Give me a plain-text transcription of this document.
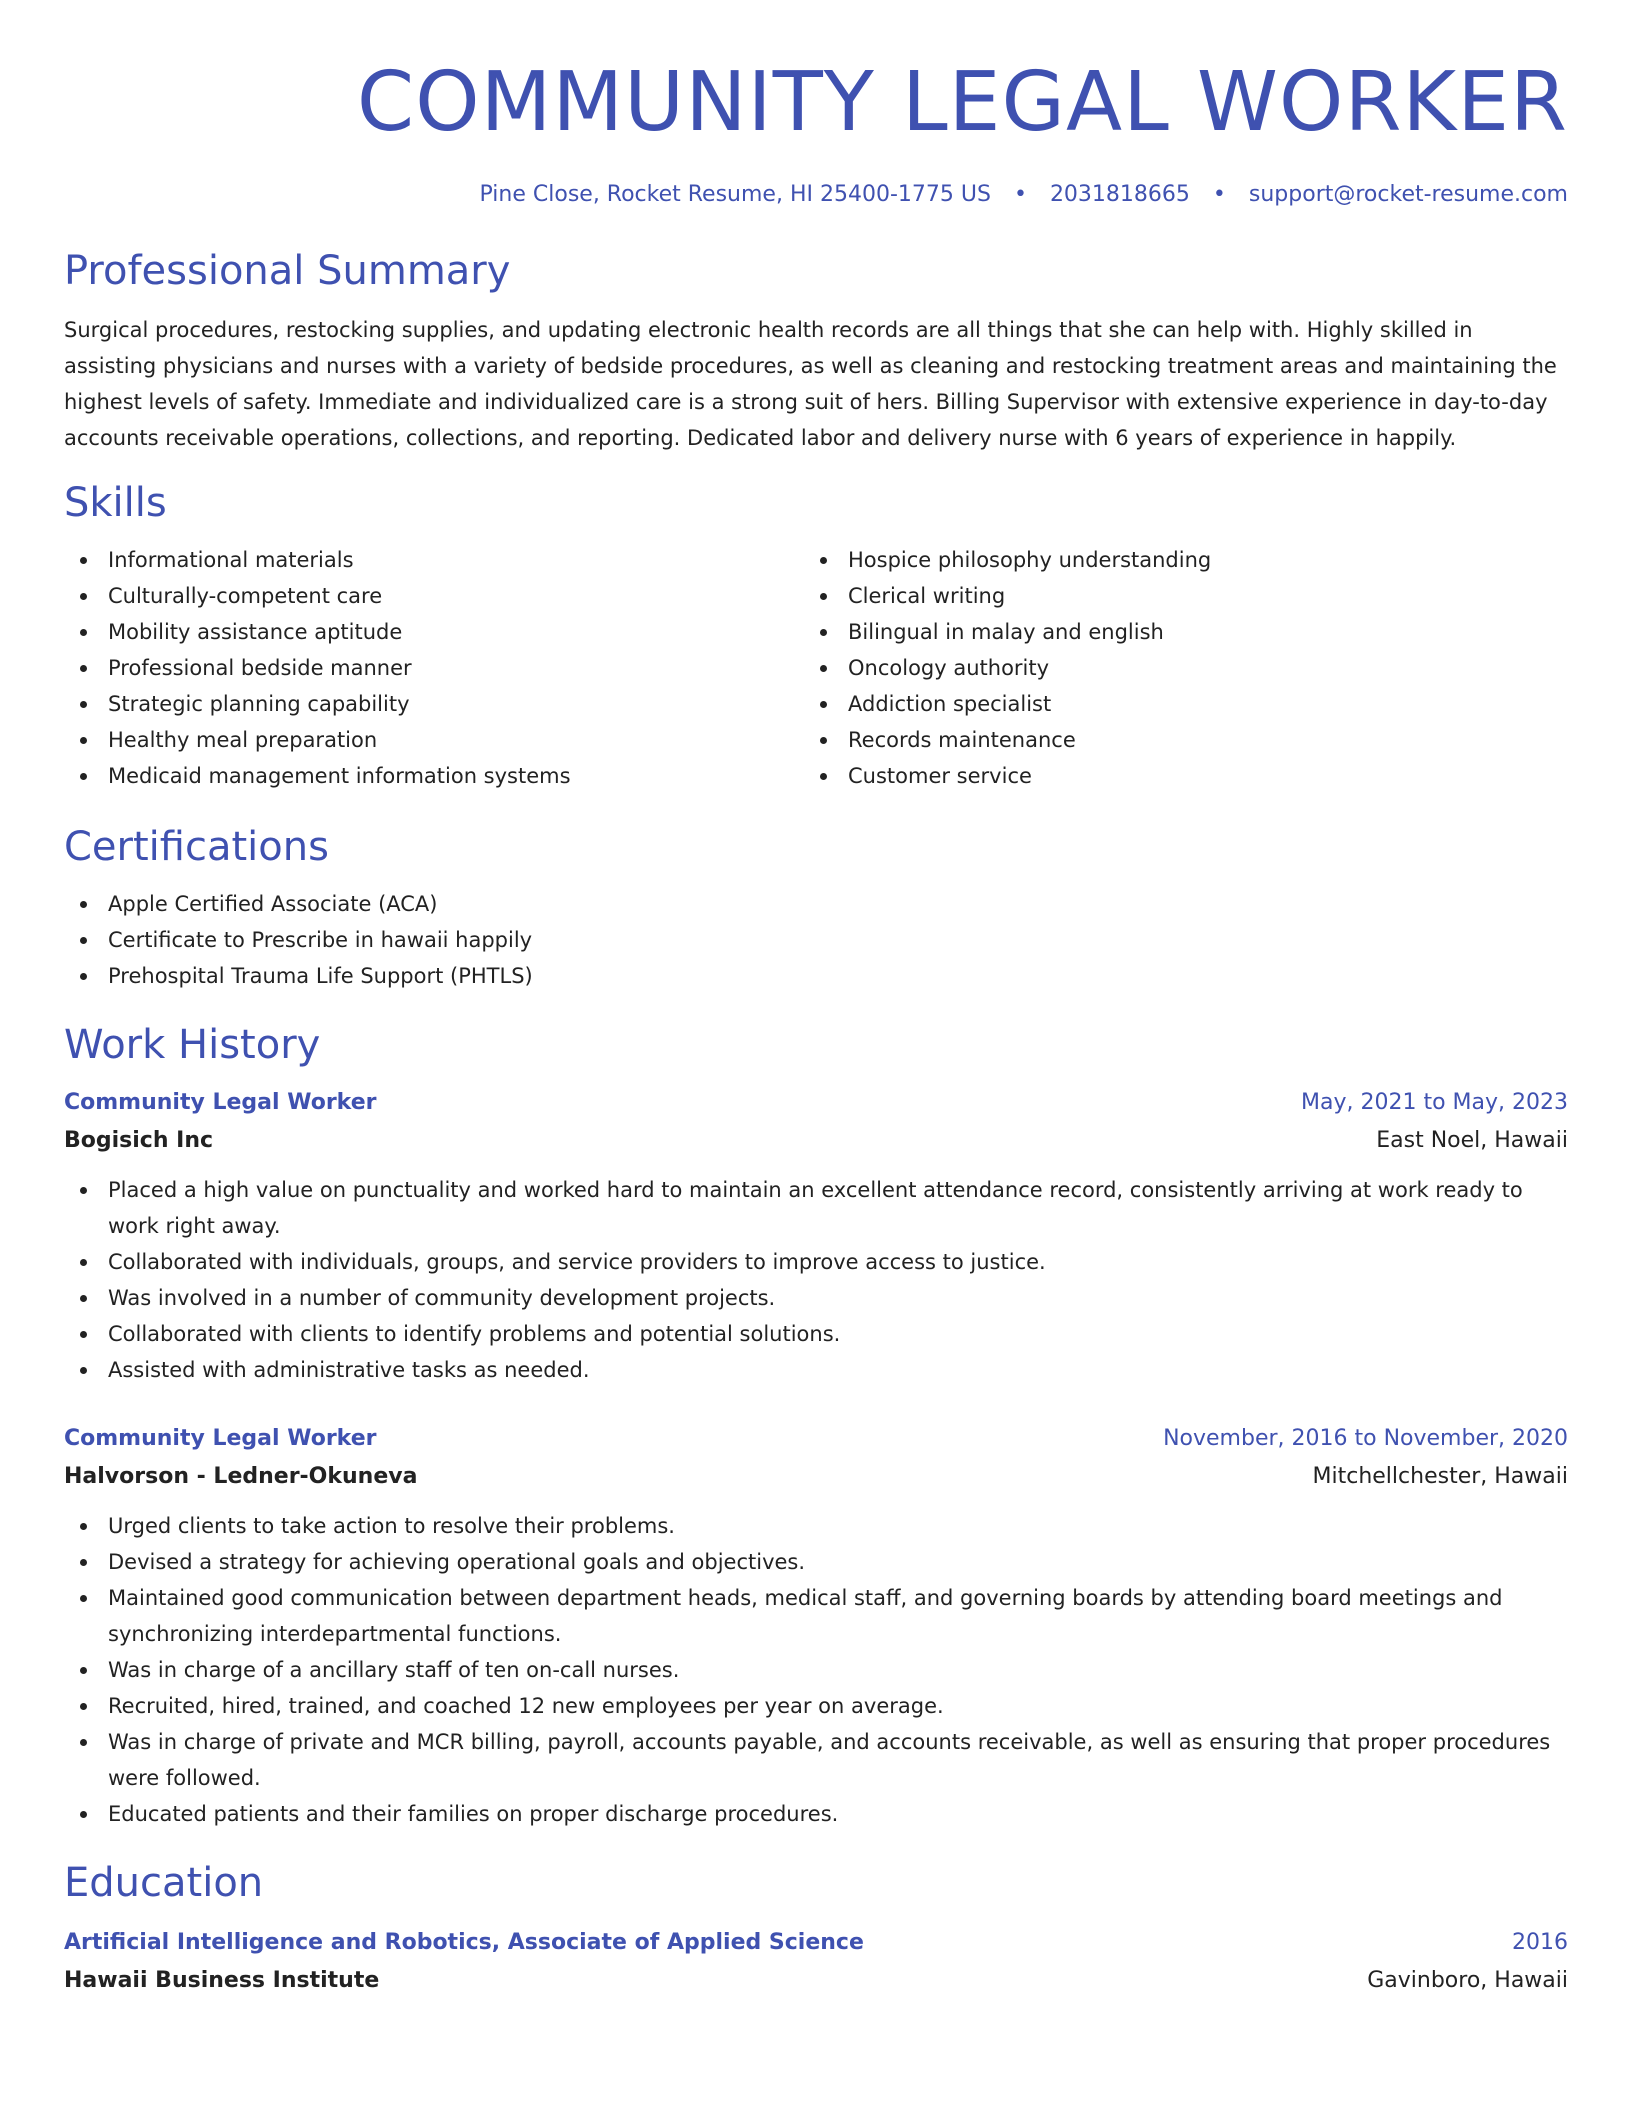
COMMUNITY LEGAL WORKER
Pine Close, Rocket Resume, HI 25400-1775 US • 2031818665 • support@rocket-resume.com
Professional Summary

Surgical procedures, restocking supplies, and updating electronic health records are all things that she can help with. Highly skilled in assisting physicians and nurses with a variety of bedside procedures, as well as cleaning and restocking treatment areas and maintaining the highest levels of safety. Immediate and individualized care is a strong suit of hers. Billing Supervisor with extensive experience in day-to-day accounts receivable operations, collections, and reporting. Dedicated labor and delivery nurse with 6 years of experience in happily.

Skills
Informational materials
Culturally-competent care
Mobility assistance aptitude
Professional bedside manner
Strategic planning capability
Healthy meal preparation
Medicaid management information systems
Hospice philosophy understanding
Clerical writing
Bilingual in malay and english
Oncology authority
Addiction specialist
Records maintenance
Customer service
Certifications
Apple Certified Associate (ACA)
Certificate to Prescribe in hawaii happily
Prehospital Trauma Life Support (PHTLS)
Work History
Community Legal Worker	May, 2021 to May, 2023
Bogisich Inc	East Noel, Hawaii
Placed a high value on punctuality and worked hard to maintain an excellent attendance record, consistently arriving at work ready to work right away.
Collaborated with individuals, groups, and service providers to improve access to justice.
Was involved in a number of community development projects.
Collaborated with clients to identify problems and potential solutions.
Assisted with administrative tasks as needed.
Community Legal Worker	November, 2016 to November, 2020
Halvorson - Ledner-Okuneva	Mitchellchester, Hawaii
Urged clients to take action to resolve their problems.
Devised a strategy for achieving operational goals and objectives.
Maintained good communication between department heads, medical staff, and governing boards by attending board meetings and synchronizing interdepartmental functions.
Was in charge of a ancillary staff of ten on-call nurses.
Recruited, hired, trained, and coached 12 new employees per year on average.
Was in charge of private and MCR billing, payroll, accounts payable, and accounts receivable, as well as ensuring that proper procedures were followed.
Educated patients and their families on proper discharge procedures.
Education
Artificial Intelligence and Robotics, Associate of Applied Science	2016
Hawaii Business Institute	Gavinboro, Hawaii
